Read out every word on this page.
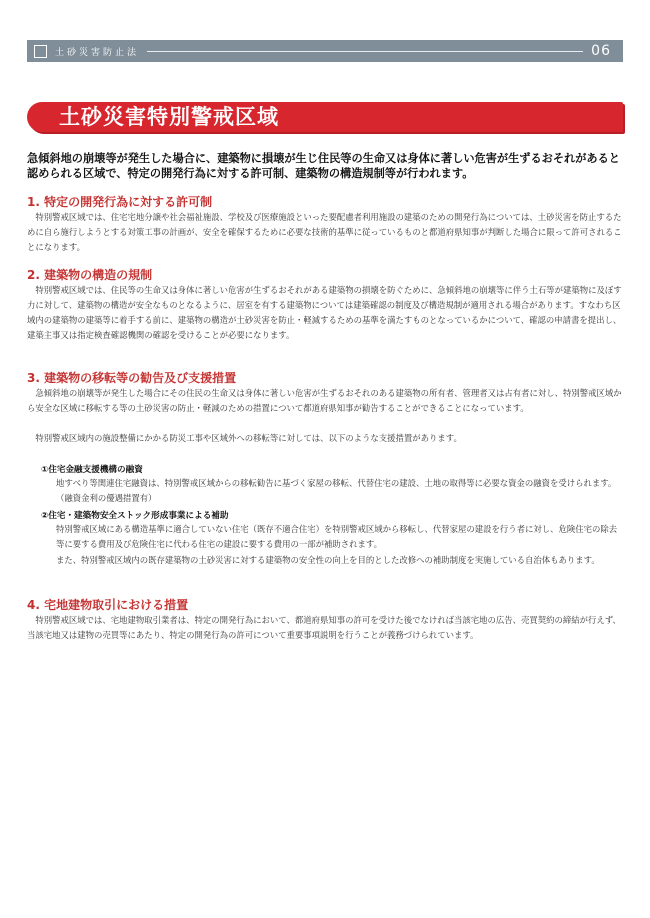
土砂災害防止法	06
土砂災害特別警戒区域
急傾斜地の崩壊等が発生した場合に、建築物に損壊が生じ住民等の生命又は身体に著しい危害が生ずるおそれがあると認められる区域で、特定の開発行為に対する許可制、建築物の構造規制等が行われます。
1. 特定の開発行為に対する許可制
特別警戒区域では、住宅宅地分譲や社会福祉施設、学校及び医療施設といった要配慮者利用施設の建築のための開発行為については、土砂災害を防止するために自ら施行しようとする対策工事の計画が、安全を確保するために必要な技術的基準に従っているものと都道府県知事が判断した場合に限って許可されることになります。
2. 建築物の構造の規制
特別警戒区域では、住民等の生命又は身体に著しい危害が生ずるおそれがある建築物の損壊を防ぐために、急傾斜地の崩壊等に伴う土石等が建築物に及ぼす力に対して、建築物の構造が安全なものとなるように、居室を有する建築物については建築確認の制度及び構造規制が適用される場合があります。すなわち区域内の建築物の建築等に着手する前に、建築物の構造が土砂災害を防止・軽減するための基準を満たすものとなっているかについて、確認の申請書を提出し、建築主事又は指定検査確認機関の確認を受けることが必要になります。
3. 建築物の移転等の勧告及び支援措置
急傾斜地の崩壊等が発生した場合にその住民の生命又は身体に著しい危害が生ずるおそれのある建築物の所有者、管理者又は占有者に対し、特別警戒区域から安全な区域に移転する等の土砂災害の防止・軽減のための措置について都道府県知事が勧告することができることになっています。
特別警戒区域内の施設整備にかかる防災工事や区域外への移転等に対しては、以下のような支援措置があります。
①住宅金融支援機構の融資
地すべり等関連住宅融資は、特別警戒区域からの移転勧告に基づく家屋の移転、代替住宅の建設、土地の取得等に必要な資金の融資を受けられます。（融資金利の優遇措置有）
②住宅・建築物安全ストック形成事業による補助
特別警戒区域にある構造基準に適合していない住宅（既存不適合住宅）を特別警戒区域から移転し、代替家屋の建設を行う者に対し、危険住宅の除去等に要する費用及び危険住宅に代わる住宅の建設に要する費用の一部が補助されます。
また、特別警戒区域内の既存建築物の土砂災害に対する建築物の安全性の向上を目的とした改修への補助制度を実施している自治体もあります。
4. 宅地建物取引における措置
特別警戒区域では、宅地建物取引業者は、特定の開発行為において、都道府県知事の許可を受けた後でなければ当該宅地の広告、売買契約の締結が行えず、当該宅地又は建物の売買等にあたり、特定の開発行為の許可について重要事項説明を行うことが義務づけられています。
